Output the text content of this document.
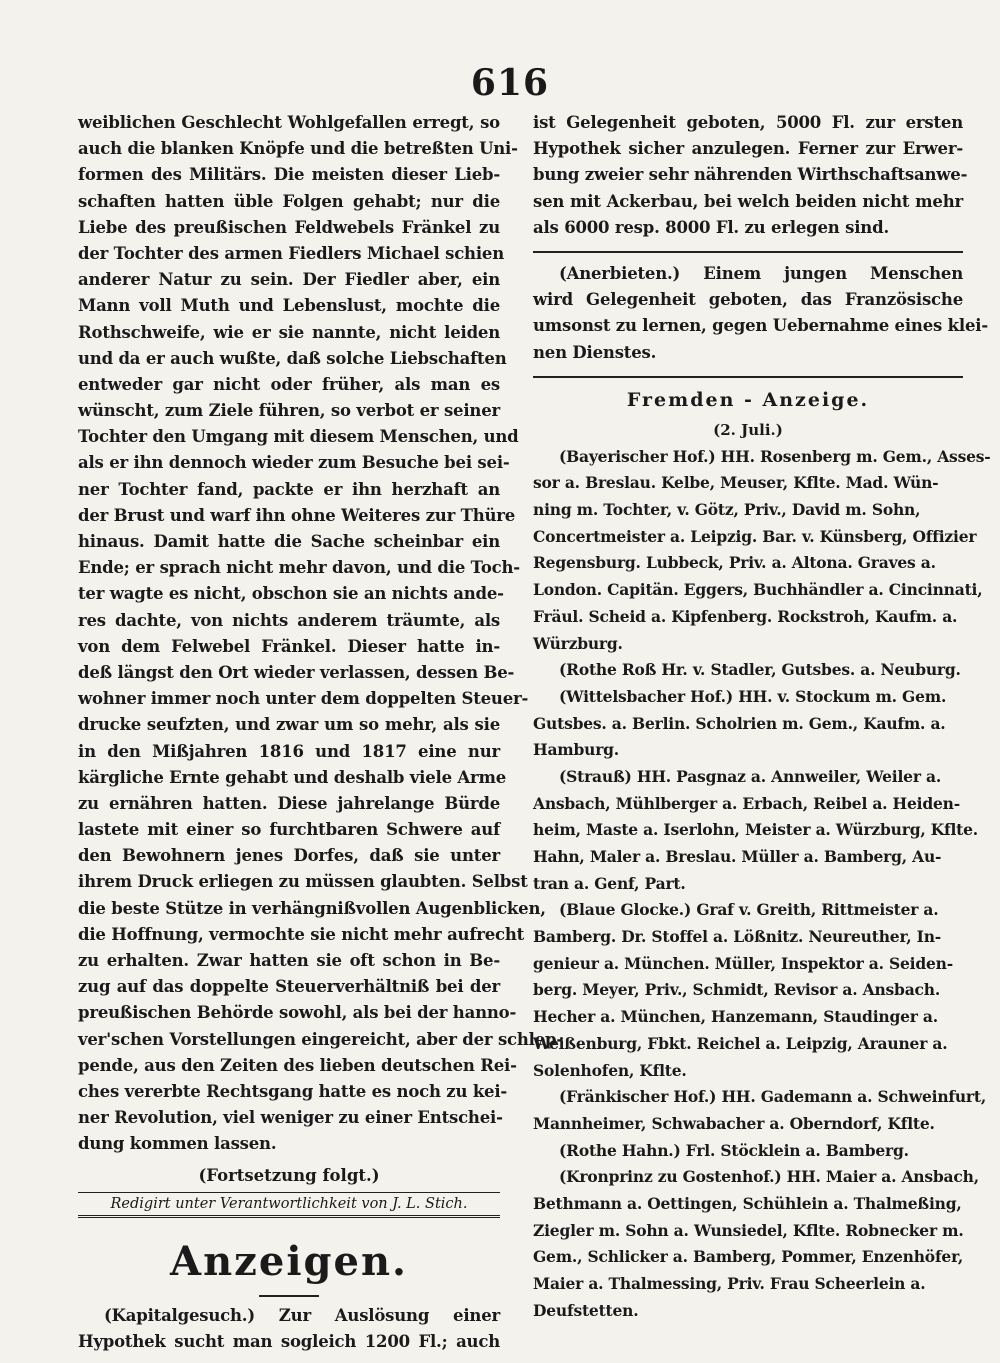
616
weiblichen Geschlecht Wohlgefallen erregt, so
auch die blanken Knöpfe und die betreßten Uni-
formen des Militärs. Die meisten dieser Lieb-
schaften hatten üble Folgen gehabt; nur die
Liebe des preußischen Feldwebels Fränkel zu
der Tochter des armen Fiedlers Michael schien
anderer Natur zu sein. Der Fiedler aber, ein
Mann voll Muth und Lebenslust, mochte die
Rothschweife, wie er sie nannte, nicht leiden
und da er auch wußte, daß solche Liebschaften
entweder gar nicht oder früher, als man es
wünscht, zum Ziele führen, so verbot er seiner
Tochter den Umgang mit diesem Menschen, und
als er ihn dennoch wieder zum Besuche bei sei-
ner Tochter fand, packte er ihn herzhaft an
der Brust und warf ihn ohne Weiteres zur Thüre
hinaus. Damit hatte die Sache scheinbar ein
Ende; er sprach nicht mehr davon, und die Toch-
ter wagte es nicht, obschon sie an nichts ande-
res dachte, von nichts anderem träumte, als
von dem Felwebel Fränkel. Dieser hatte in-
deß längst den Ort wieder verlassen, dessen Be-
wohner immer noch unter dem doppelten Steuer-
drucke seufzten, und zwar um so mehr, als sie
in den Mißjahren 1816 und 1817 eine nur
kärgliche Ernte gehabt und deshalb viele Arme
zu ernähren hatten. Diese jahrelange Bürde
lastete mit einer so furchtbaren Schwere auf
den Bewohnern jenes Dorfes, daß sie unter
ihrem Druck erliegen zu müssen glaubten. Selbst
die beste Stütze in verhängnißvollen Augenblicken,
die Hoffnung, vermochte sie nicht mehr aufrecht
zu erhalten. Zwar hatten sie oft schon in Be-
zug auf das doppelte Steuerverhältniß bei der
preußischen Behörde sowohl, als bei der hanno-
ver'schen Vorstellungen eingereicht, aber der schlep-
pende, aus den Zeiten des lieben deutschen Rei-
ches vererbte Rechtsgang hatte es noch zu kei-
ner Revolution, viel weniger zu einer Entschei-
dung kommen lassen.
(Fortsetzung folgt.)
Redigirt unter Verantwortlichkeit von J. L. Stich.
Anzeigen.
(Kapitalgesuch.) Zur Auslösung einer
Hypothek sucht man sogleich 1200 Fl.; auch
ist Gelegenheit geboten, 5000 Fl. zur ersten
Hypothek sicher anzulegen. Ferner zur Erwer-
bung zweier sehr nährenden Wirthschaftsanwe-
sen mit Ackerbau, bei welch beiden nicht mehr
als 6000 resp. 8000 Fl. zu erlegen sind.
(Anerbieten.) Einem jungen Menschen
wird Gelegenheit geboten, das Französische
umsonst zu lernen, gegen Uebernahme eines klei-
nen Dienstes.
Fremden - Anzeige.
(2. Juli.)
(Bayerischer Hof.) HH. Rosenberg m. Gem., Asses-
sor a. Breslau. Kelbe, Meuser, Kflte. Mad. Wün-
ning m. Tochter, v. Götz, Priv., David m. Sohn,
Concertmeister a. Leipzig. Bar. v. Künsberg, Offizier
Regensburg. Lubbeck, Priv. a. Altona. Graves a.
London. Capitän. Eggers, Buchhändler a. Cincinnati,
Fräul. Scheid a. Kipfenberg. Rockstroh, Kaufm. a.
Würzburg.
(Rothe Roß Hr. v. Stadler, Gutsbes. a. Neuburg.
(Wittelsbacher Hof.) HH. v. Stockum m. Gem.
Gutsbes. a. Berlin. Scholrien m. Gem., Kaufm. a.
Hamburg.
(Strauß) HH. Pasgnaz a. Annweiler, Weiler a.
Ansbach, Mühlberger a. Erbach, Reibel a. Heiden-
heim, Maste a. Iserlohn, Meister a. Würzburg, Kflte.
Hahn, Maler a. Breslau. Müller a. Bamberg, Au-
tran a. Genf, Part.
(Blaue Glocke.) Graf v. Greith, Rittmeister a.
Bamberg. Dr. Stoffel a. Lößnitz. Neureuther, In-
genieur a. München. Müller, Inspektor a. Seiden-
berg. Meyer, Priv., Schmidt, Revisor a. Ansbach.
Hecher a. München, Hanzemann, Staudinger a.
Weißenburg, Fbkt. Reichel a. Leipzig, Arauner a.
Solenhofen, Kflte.
(Fränkischer Hof.) HH. Gademann a. Schweinfurt,
Mannheimer, Schwabacher a. Oberndorf, Kflte.
(Rothe Hahn.) Frl. Stöcklein a. Bamberg.
(Kronprinz zu Gostenhof.) HH. Maier a. Ansbach,
Bethmann a. Oettingen, Schühlein a. Thalmeßing,
Ziegler m. Sohn a. Wunsiedel, Kflte. Robnecker m.
Gem., Schlicker a. Bamberg, Pommer, Enzenhöfer,
Maier a. Thalmessing, Priv. Frau Scheerlein a.
Deufstetten.
